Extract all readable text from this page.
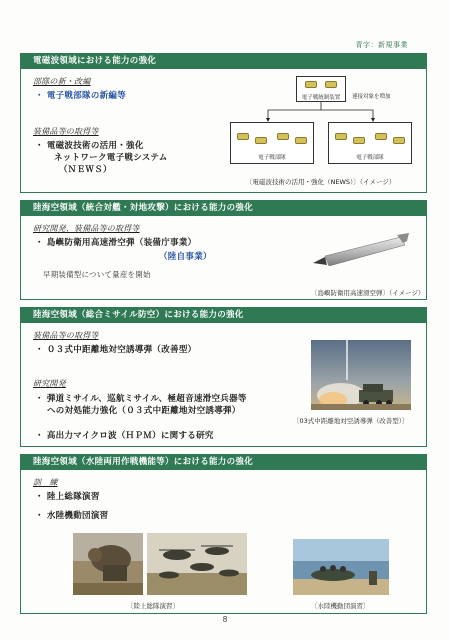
青字：新規事業
電磁波領域における能力の強化
部隊の新・改編
・ 電子戦部隊の新編等
装備品等の取得等
・ 電磁波技術の活用・強化
ネットワーク電子戦システム
（ＮＥＷＳ）
電子戦統制装置	連接対象を増加
電子戦部隊	電子戦部隊
〔電磁波技術の活用・強化（NEWS）〕（イメージ）
陸海空領域（統合対艦・対地攻撃）における能力の強化
研究開発、装備品等の取得等
・ 島嶼防衛用高速滑空弾（装備庁事業）
（陸自事業）
早期装備型について量産を開始
〔島嶼防衛用高速滑空弾〕（イメージ）
陸海空領域（総合ミサイル防空）における能力の強化
装備品等の取得等
・ ０３式中距離地対空誘導弾（改善型）
研究開発
・ 弾道ミサイル、巡航ミサイル、極超音速滑空兵器等
への対処能力強化（０３式中距離地対空誘導弾）
・ 高出力マイクロ波（ＨＰＭ）に関する研究
〔03式中距離地対空誘導弾（改善型）〕
陸海空領域（水陸両用作戦機能等）における能力の強化
訓　練
・ 陸上総隊演習
・ 水陸機動団演習
〔陸上総隊演習〕	〔水陸機動団演習〕
8
